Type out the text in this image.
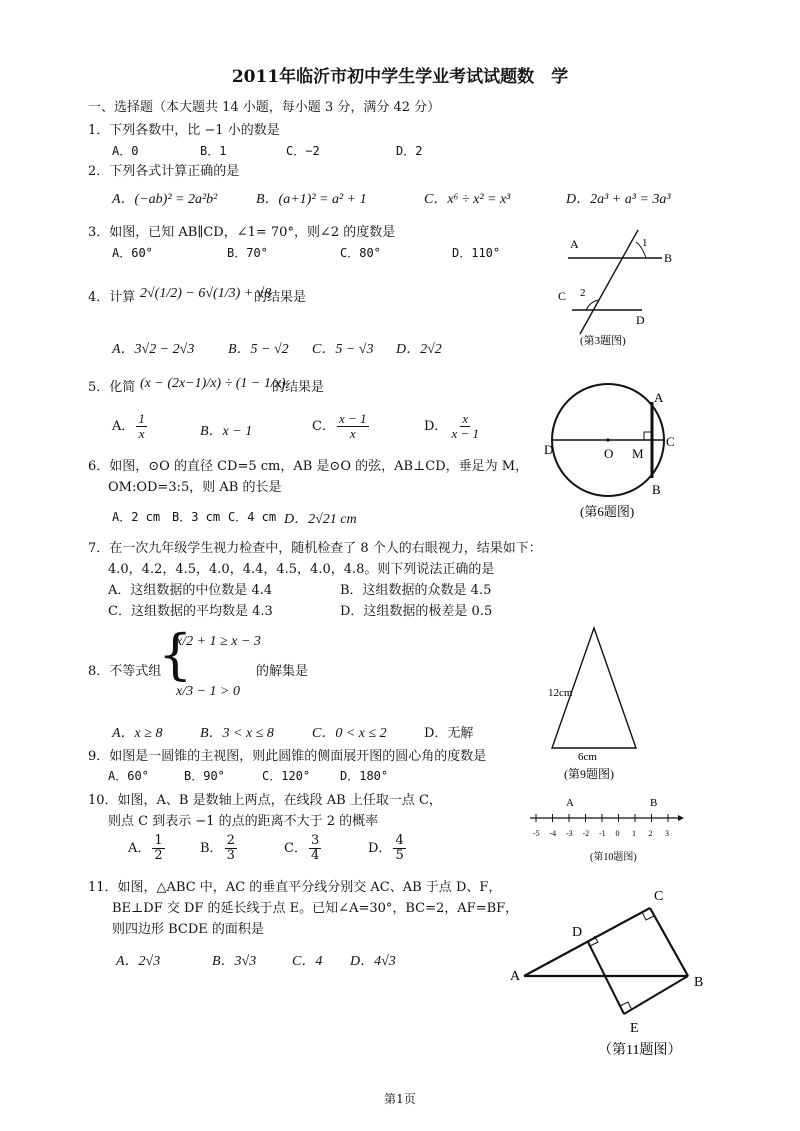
2011年临沂市初中学生学业考试试题数　学
一、选择题（本大题共 14 小题，每小题 3 分，满分 42 分）
1．下列各数中，比 −1 小的数是
A．0	B．1	C．−2	D．2
2．下列各式计算正确的是
A．(−ab)² = 2a²b²	B．(a+1)² = a² + 1	C．x⁶ ÷ x² = x³	D．2a³ + a³ = 3a³
3．如图，已知 AB∥CD，∠1= 70°，则∠2 的度数是
A．60°	B．70°	C．80°	D．110°
A
B
C
D
1
2
(第3题图)
4．计算 2√(1/2) − 6√(1/3) + √8
的结果是
A．3√2 − 2√3 B．5 − √2 C．5 − √3 D．2√2
5．化简 (x − (2x−1)/x) ÷ (1 − 1/x)
的结果是
A． $\frac{1}{x}$	B．x − 1	C． $\frac{x - 1}{x}$	D． $\frac{x}{x - 1}$
6．如图，⊙O 的直径 CD=5 cm，AB 是⊙O 的弦，AB⊥CD，垂足为 M，
OM:OD=3:5，则 AB 的长是
A．2 cm B．3 cm C．4 cm D．2√21 cm
A
B
C
D	O M
(第6题图)
7．在一次九年级学生视力检查中，随机检查了 8 个人的右眼视力，结果如下：
4.0，4.2，4.5，4.0，4.4，4.5，4.0，4.8。则下列说法正确的是
A．这组数据的中位数是 4.4	B．这组数据的众数是 4.5
C．这组数据的平均数是 4.3	D．这组数据的极差是 0.5
8．不等式组
{
x/2 + 1 ≥ x − 3
x/3 − 1 > 0
的解集是
A．x ≥ 8	B．3 < x ≤ 8	C．0 < x ≤ 2	D．无解
12cm
6cm
(第9题图)
9．如图是一圆锥的主视图，则此圆锥的侧面展开图的圆心角的度数是
A．60°	B．90°	C．120° D．180°
10．如图，A、B 是数轴上两点，在线段 AB 上任取一点 C，
则点 C 到表示 −1 的点的距离不大于 2 的概率
A． $\frac{1}{2}$	B． $\frac{2}{3}$	C． $\frac{3}{4}$	D． $\frac{4}{5}$
-5 -4 -3 -2 -1 0 1 2 3
A	B
(第10题图)
11．如图，△ABC 中，AC 的垂直平分线分别交 AC、AB 于点 D、F，
BE⊥DF 交 DF 的延长线于点 E。已知∠A=30°，BC=2，AF=BF，
则四边形 BCDE 的面积是
A．2√3	B．3√3	C．4 D．4√3
A	B
C
D
E
（第11题图）
第1页
